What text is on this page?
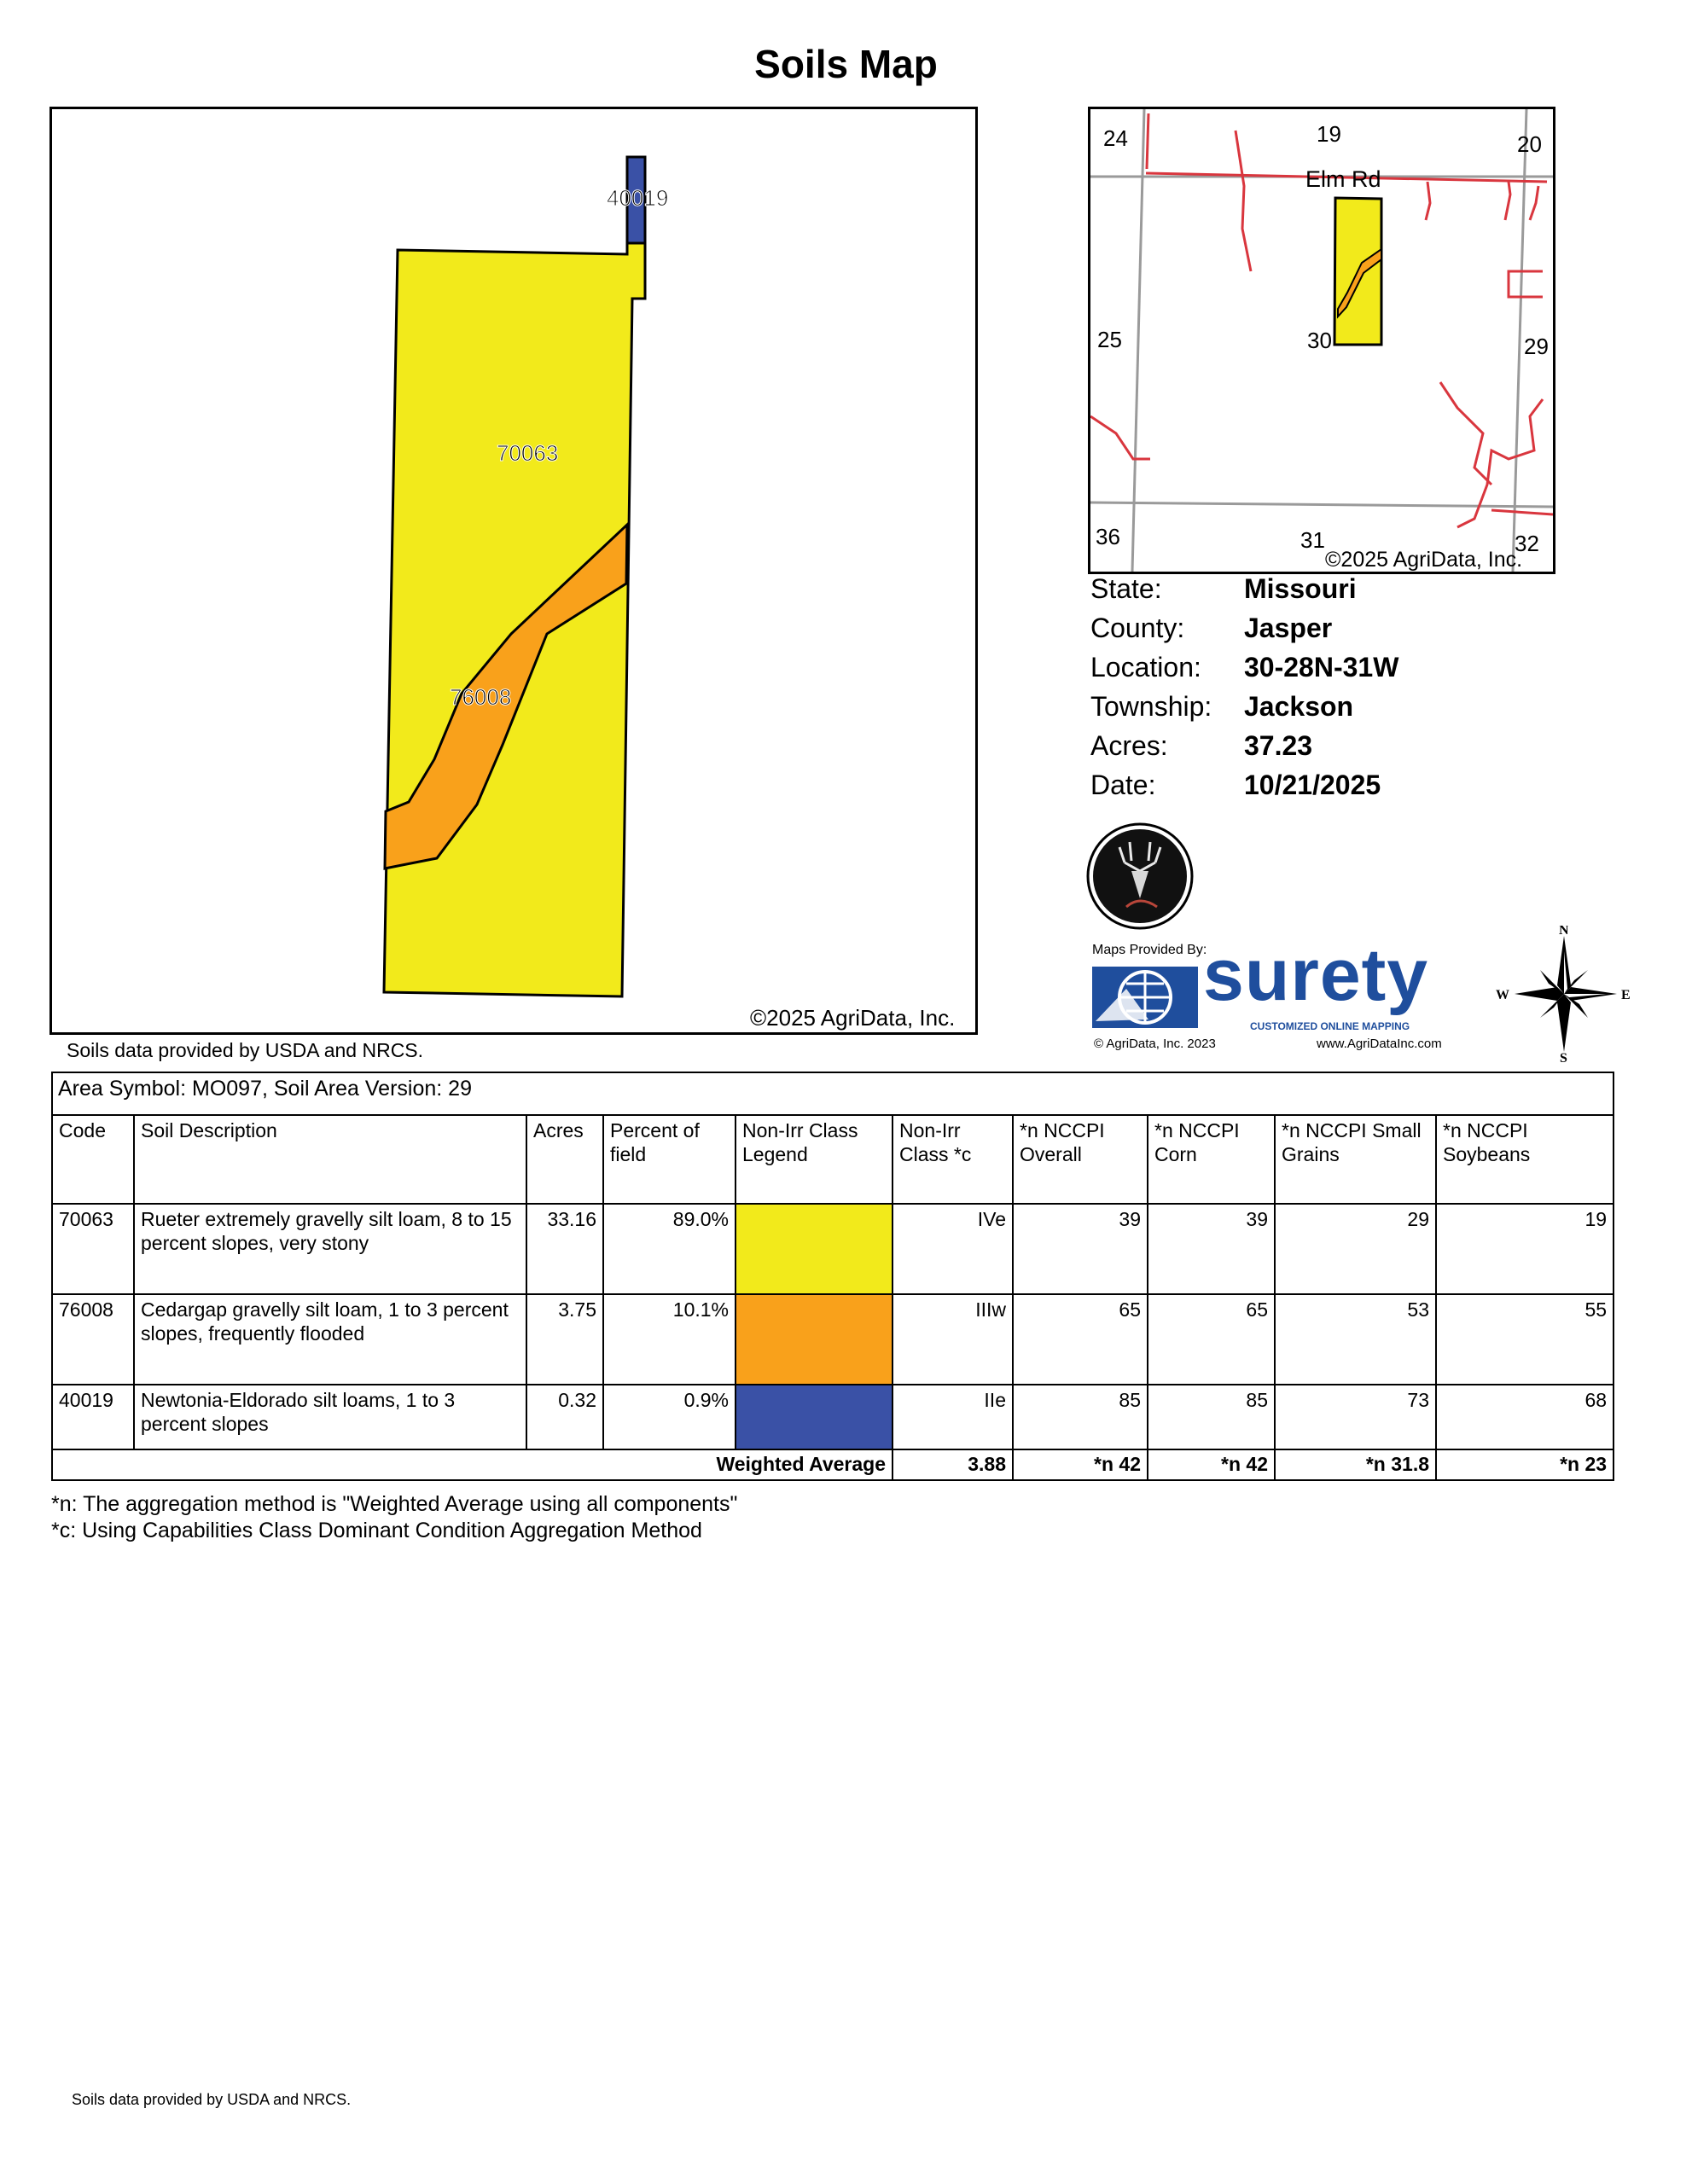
Soils Map
70063
76008
40019
©2025 AgriData, Inc.
24	19	20
25	30	29
36	31	32
Elm Rd
©2025 AgriData, Inc.
State:	Missouri
County:	Jasper
Location:	30-28N-31W
Township:	Jackson
Acres:	37.23
Date:	10/21/2025
Maps Provided By:
surety
CUSTOMIZED ONLINE MAPPING
© AgriData, Inc. 2023	www.AgriDataInc.com
N
S
E
W
Soils data provided by USDA and NRCS.
Area Symbol: MO097, Soil Area Version: 29									
Code	Soil Description	Acres	Percent of field	Non-Irr Class Legend	Non-Irr Class *c	*n NCCPI Overall	*n NCCPI Corn	*n NCCPI Small Grains	*n NCCPI Soybeans
70063	Rueter extremely gravelly silt loam, 8 to 15 percent slopes, very stony	33.16	89.0%		IVe	39	39	29	19
76008	Cedargap gravelly silt loam, 1 to 3 percent slopes, frequently flooded	3.75	10.1%		IIIw	65	65	53	55
40019	Newtonia-Eldorado silt loams, 1 to 3 percent slopes	0.32	0.9%		IIe	85	85	73	68
Weighted Average					3.88	*n 42	*n 42	*n 31.8	*n 23
*n: The aggregation method is "Weighted Average using all components"
*c: Using Capabilities Class Dominant Condition Aggregation Method
Soils data provided by USDA and NRCS.
